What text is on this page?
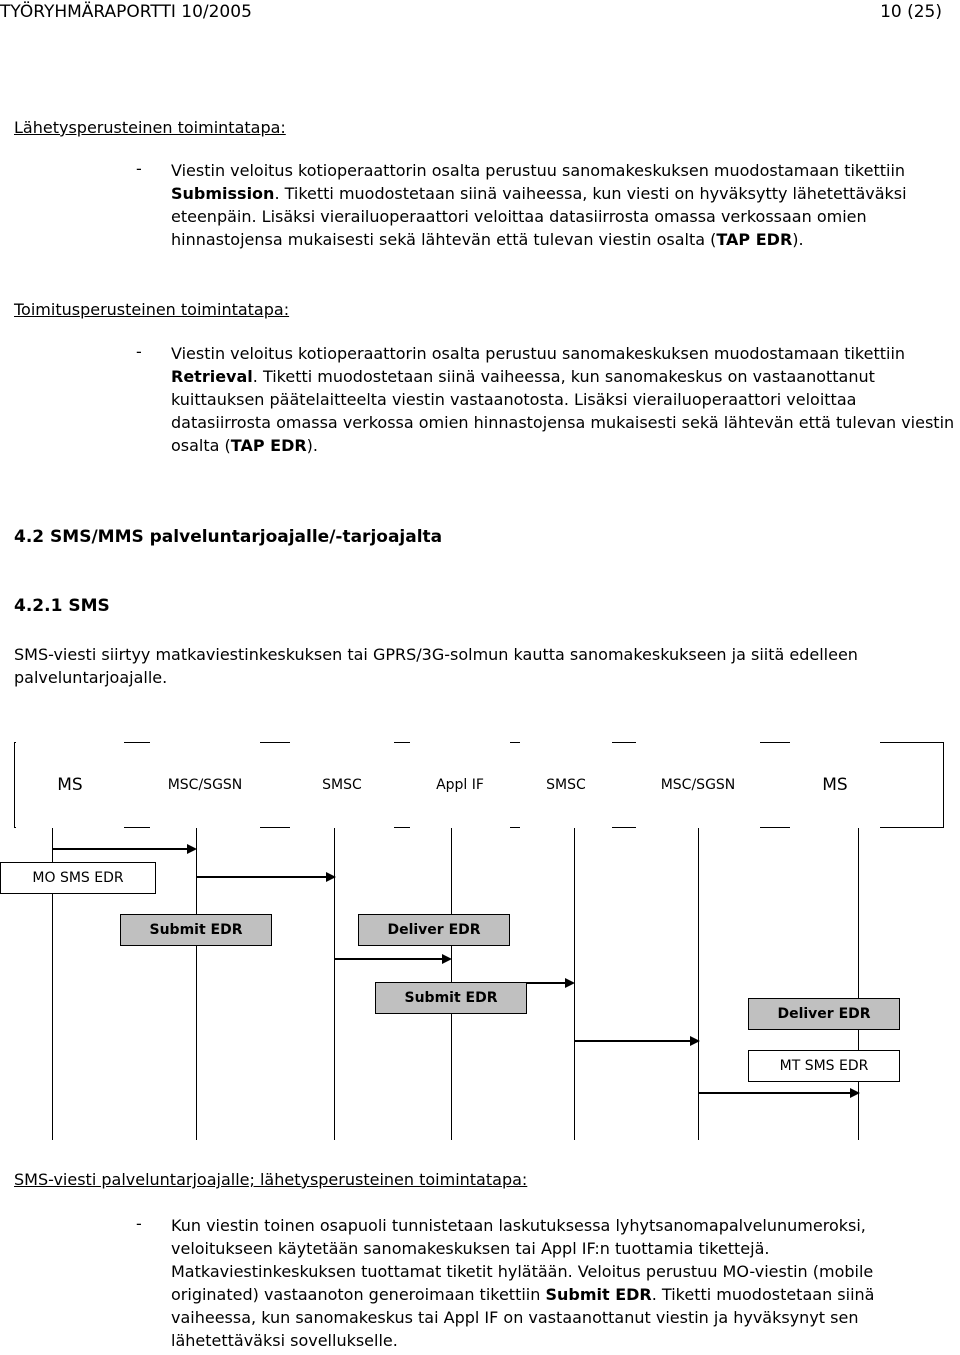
TYÖRYHMÄRAPORTTI 10/2005	10 (25)
Lähetysperusteinen toimintatapa:
- Viestin veloitus kotioperaattorin osalta perustuu sanomakeskuksen muodostamaan tikettiin Submission. Tiketti muodostetaan siinä vaiheessa, kun viesti on hyväksytty lähetettäväksi eteenpäin. Lisäksi vierailuoperaattori veloittaa datasiirrosta omassa verkossaan omien hinnastojensa mukaisesti sekä lähtevän että tulevan viestin osalta (TAP EDR).
Toimitusperusteinen toimintatapa:
- Viestin veloitus kotioperaattorin osalta perustuu sanomakeskuksen muodostamaan tikettiin Retrieval. Tiketti muodostetaan siinä vaiheessa, kun sanomakeskus on vastaanottanut kuittauksen päätelaitteelta viestin vastaanotosta. Lisäksi vierailuoperaattori veloittaa datasiirrosta omassa verkossa omien hinnastojensa mukaisesti sekä lähtevän että tulevan viestin osalta (TAP EDR).
4.2 SMS/MMS palveluntarjoajalle/-tarjoajalta
4.2.1 SMS

SMS-viesti siirtyy matkaviestinkeskuksen tai GPRS/3G-solmun kautta sanomakeskukseen ja siitä edelleen palveluntarjoajalle.

MS	MSC/SGSN	SMSC	Appl IF	SMSC	MSC/SGSN	MS
MO SMS EDR
Submit EDR	Deliver EDR
Submit EDR
Deliver EDR
MT SMS EDR
SMS-viesti palveluntarjoajalle; lähetysperusteinen toimintatapa:
- Kun viestin toinen osapuoli tunnistetaan laskutuksessa lyhytsanomapalvelunumeroksi, veloitukseen käytetään sanomakeskuksen tai Appl IF:n tuottamia tikettejä. Matkaviestinkeskuksen tuottamat tiketit hylätään. Veloitus perustuu MO-viestin (mobile originated) vastaanoton generoimaan tikettiin Submit EDR. Tiketti muodostetaan siinä vaiheessa, kun sanomakeskus tai Appl IF on vastaanottanut viestin ja hyväksynyt sen lähetettäväksi sovellukselle.
